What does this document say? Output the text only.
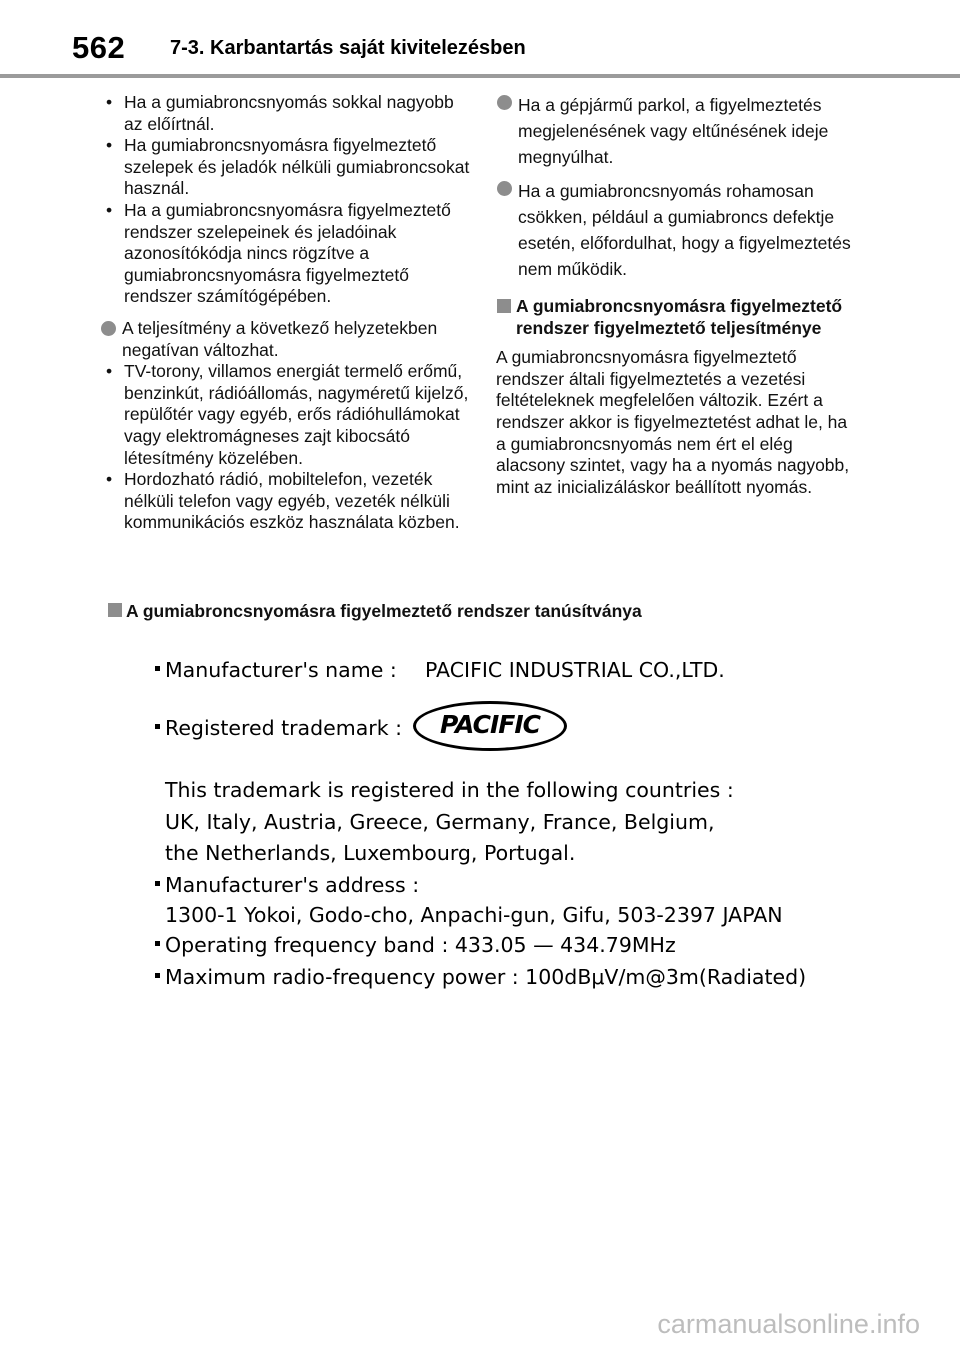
562	7-3. Karbantartás saját kivitelezésben
• Ha a gumiabroncsnyomás sokkal nagyobb az előírtnál.
• Ha gumiabroncsnyomásra figyelmeztető szelepek és jeladók nélküli gumiabroncsokat használ.
• Ha a gumiabroncsnyomásra figyelmeztető rendszer szelepeinek és jeladóinak azonosítókódja nincs rögzítve a gumiabroncsnyomásra figyelmeztető rendszer számítógépében.
A teljesítmény a következő helyzetekben negatívan változhat.
• TV-torony, villamos energiát termelő erőmű, benzinkút, rádióállomás, nagyméretű kijelző, repülőtér vagy egyéb, erős rádióhullámokat vagy elektromágneses zajt kibocsátó létesítmény közelében.
• Hordozható rádió, mobiltelefon, vezeték nélküli telefon vagy egyéb, vezeték nélküli kommunikációs eszköz használata közben.
Ha a gépjármű parkol, a figyelmeztetés megjelenésének vagy eltűnésének ideje megnyúlhat.
Ha a gumiabroncsnyomás rohamosan csökken, például a gumiabroncs defektje esetén, előfordulhat, hogy a figyelmeztetés nem működik.
A gumiabroncsnyomásra figyelmeztető rendszer figyelmeztető teljesítménye
A gumiabroncsnyomásra figyelmeztető rendszer általi figyelmeztetés a vezetési feltételeknek megfelelően változik. Ezért a rendszer akkor is figyelmeztetést adhat le, ha a gumiabroncsnyomás nem ért el elég alacsony szintet, vagy ha a nyomás nagyobb, mint az inicializáláskor beállított nyomás.
A gumiabroncsnyomásra figyelmeztető rendszer tanúsítványa
Manufacturer's name : PACIFIC INDUSTRIAL CO.,LTD.
Registered trademark :
This trademark is registered in the following countries :
UK, Italy, Austria, Greece, Germany, France, Belgium,
the Netherlands, Luxembourg, Portugal.
Manufacturer's address :
1300-1 Yokoi, Godo-cho, Anpachi-gun, Gifu, 503-2397 JAPAN
Operating frequency band : 433.05 — 434.79MHz
Maximum radio-frequency power : 100dBμV/m@3m(Radiated)
PACIFIC
carmanualsonline.info
